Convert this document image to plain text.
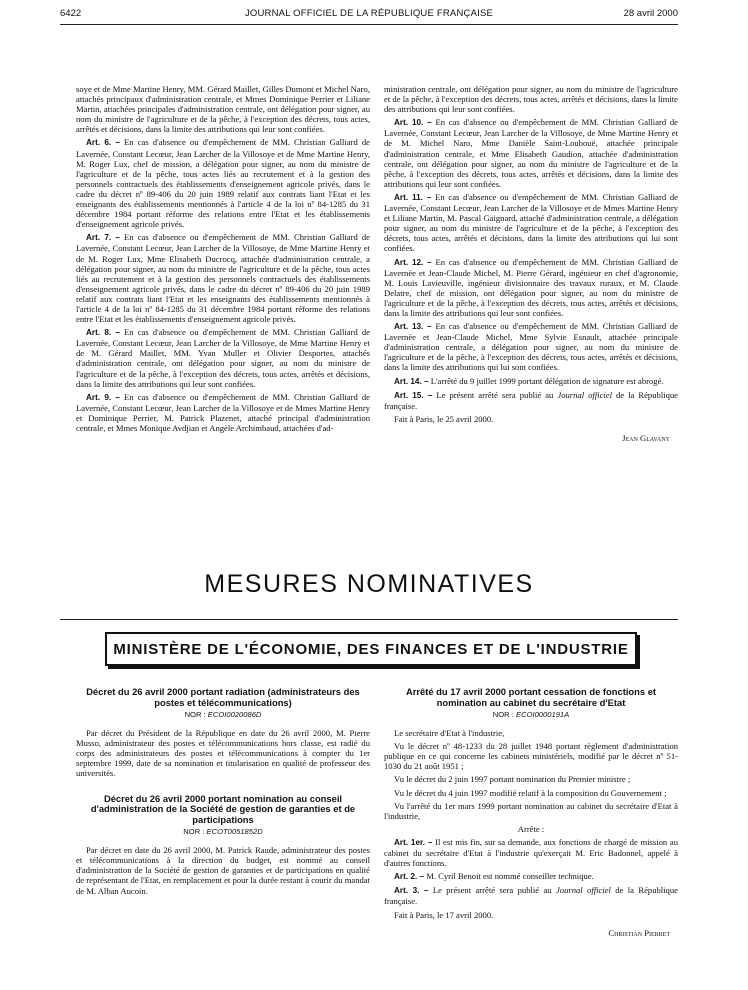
6422	JOURNAL OFFICIEL DE LA RÉPUBLIQUE FRANÇAISE	28 avril 2000

soye et de Mme Martine Henry, MM. Gérard Maillet, Gilles Dumont et Michel Naro, attachés principaux d'administration centrale, et Mmes Dominique Perrier et Liliane Martin, attachées principales d'administration centrale, ont délégation pour signer, au nom du ministre de l'agriculture et de la pêche, à l'exception des décrets, tous actes, arrêtés et décisions, dans la limite des attributions qui leur sont confiées.

Art. 6. – En cas d'absence ou d'empêchement de MM. Christian Galliard de Lavernée, Constant Lecœur, Jean Larcher de la Villosoye et de Mme Martine Henry, M. Roger Lux, chef de mission, a délégation pour signer, au nom du ministre de l'agriculture et de la pêche, tous actes liés au recrutement et à la gestion des personnels contractuels des établissements d'enseignement agricole privés, dans le cadre du décret nº 89-406 du 20 juin 1989 relatif aux contrats liant l'Etat et les enseignants des établissements mentionnés à l'article 4 de la loi nº 84-1285 du 31 décembre 1984 portant réforme des relations entre l'Etat et les établissements d'enseignement agricole privés.

Art. 7. – En cas d'absence ou d'empêchement de MM. Christian Galliard de Lavernée, Constant Lecœur, Jean Larcher de la Villosoye, de Mme Martine Henry et de M. Roger Lux, Mme Elisabeth Ducrocq, attachée d'administration centrale, a délégation pour signer, au nom du ministre de l'agriculture et de la pêche, tous actes liés au recrutement et à la gestion des personnels contractuels des établissements d'enseignement agricole privés, dans le cadre du décret nº 89-406 du 20 juin 1989 relatif aux contrats liant l'Etat et les enseignants des établissements mentionnés à l'article 4 de la loi nº 84-1285 du 31 décembre 1984 portant réforme des relations entre l'Etat et les établissements d'enseignement agricole privés.

Art. 8. – En cas d'absence ou d'empêchement de MM. Christian Galliard de Lavernée, Constant Lecœur, Jean Larcher de la Villosoye, de Mme Martine Henry et de M. Gérard Maillet, MM. Yvan Muller et Olivier Desportes, attachés d'administration centrale, ont délégation pour signer, au nom du ministre de l'agriculture et de la pêche, à l'exception des décrets, tous actes, arrêtés et décisions, dans la limite des attributions qui leur sont confiées.

Art. 9. – En cas d'absence ou d'empêchement de MM. Christian Galliard de Lavernée, Constant Lecœur, Jean Larcher de la Villosoye et de Mmes Martine Henry et Dominique Perrier, M. Patrick Plazenet, attaché principal d'administration centrale, et Mmes Monique Avdjian et Angèle Archimbaud, attachées d'ad-

ministration centrale, ont délégation pour signer, au nom du ministre de l'agriculture et de la pêche, à l'exception des décrets, tous actes, arrêtés et décisions, dans la limite des attributions qui leur sont confiées.

Art. 10. – En cas d'absence ou d'empêchement de MM. Christian Galliard de Lavernée, Constant Lecœur, Jean Larcher de la Villosoye, de Mme Martine Henry et de M. Michel Naro, Mme Danièle Saint-Loubouë, attachée principale d'administration centrale, et Mme Elisabeth Gaudion, attachée d'administration centrale, ont délégation pour signer, au nom du ministre de l'agriculture et de la pêche, à l'exception des décrets, tous actes, arrêtés et décisions, dans la limite des attributions qui leur sont confiées.

Art. 11. – En cas d'absence ou d'empêchement de MM. Christian Galliard de Lavernée, Constant Lecœur, Jean Larcher de la Villosoye et de Mmes Martine Henry et Liliane Martin, M. Pascal Gaignard, attaché d'administration centrale, a délégation pour signer, au nom du ministre de l'agriculture et de la pêche, à l'exception des décrets, tous actes, arrêtés et décisions, dans la limite des attributions qui lui sont confiées.

Art. 12. – En cas d'absence ou d'empêchement de MM. Christian Galliard de Lavernée et Jean-Claude Michel, M. Pierre Gérard, ingénieur en chef d'agronomie, M. Louis Lavieuville, ingénieur divisionnaire des travaux ruraux, et M. Claude Delatre, chef de mission, ont délégation pour signer, au nom du ministre de l'agriculture et de la pêche, à l'exception des décrets, tous actes, arrêtés et décisions, dans la limite des attributions qui leur sont confiées.

Art. 13. – En cas d'absence ou d'empêchement de MM. Christian Galliard de Lavernée et Jean-Claude Michel, Mme Sylvie Esnault, attachée principale d'administration centrale, a délégation pour signer, au nom du ministre de l'agriculture et de la pêche, à l'exception des décrets, tous actes, arrêtés et décisions, dans la limite des attributions qui lui sont confiées.

Art. 14. – L'arrêté du 9 juillet 1999 portant délégation de signature est abrogé.

Art. 15. – Le présent arrêté sera publié au Journal officiel de la République française.

Fait à Paris, le 25 avril 2000.

Jean Glavany

MESURES NOMINATIVES
MINISTÈRE DE L'ÉCONOMIE, DES FINANCES ET DE L'INDUSTRIE

Décret du 26 avril 2000 portant radiation (administrateurs des postes et télécommunications)

NOR : ECOI0020086D

Par décret du Président de la République en date du 26 avril 2000, M. Pierre Musso, administrateur des postes et télécommunications hors classe, est radié du corps des administrateurs des postes et télécommunications à compter du 1er septembre 1999, date de sa nomination et titularisation en qualité de professeur des universités.

Décret du 26 avril 2000 portant nomination au conseil d'administration de la Société de gestion de garanties et de participations

NOR : ECOT0051852D

Par décret en date du 26 avril 2000, M. Patrick Raude, administrateur des postes et télécommunications à la direction du budget, est nommé au conseil d'administration de la Société de gestion de garanties et de participations en qualité de représentant de l'Etat, en remplacement et pour la durée restant à courir du mandat de M. Alban Aucoin.

Arrêté du 17 avril 2000 portant cessation de fonctions et nomination au cabinet du secrétaire d'Etat

NOR : ECOI0000191A

Le secrétaire d'Etat à l'industrie,

Vu le décret nº 48-1233 du 28 juillet 1948 portant règlement d'administration publique en ce qui concerne les cabinets ministériels, modifié par le décret nº 51-1030 du 21 août 1951 ;

Vu le décret du 2 juin 1997 portant nomination du Premier ministre ;

Vu le décret du 4 juin 1997 modifié relatif à la composition du Gouvernement ;

Vu l'arrêté du 1er mars 1999 portant nomination au cabinet du secrétaire d'Etat à l'industrie,

Arrête :

Art. 1er. – Il est mis fin, sur sa demande, aux fonctions de chargé de mission au cabinet du secrétaire d'Etat à l'industrie qu'exerçait M. Eric Badonnel, appelé à d'autres fonctions.

Art. 2. – M. Cyril Benoit est nommé conseiller technique.

Art. 3. – Le présent arrêté sera publié au Journal officiel de la République française.

Fait à Paris, le 17 avril 2000.

Christian Pierret
